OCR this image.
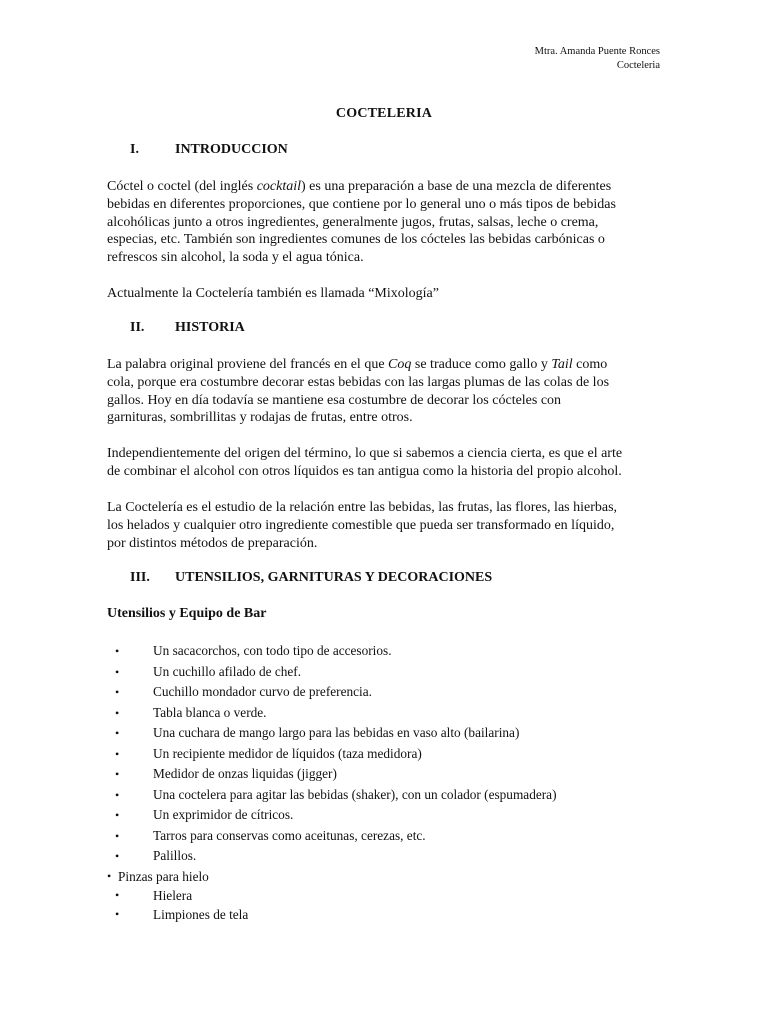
Mtra. Amanda Puente Ronces
Cocteleria
COCTELERIA
I.	INTRODUCCION
Cóctel o coctel (del inglés cocktail) es una preparación a base de una mezcla de diferentes
bebidas en diferentes proporciones, que contiene por lo general uno o más tipos de bebidas
alcohólicas junto a otros ingredientes, generalmente jugos, frutas, salsas, leche o crema,
especias, etc. También son ingredientes comunes de los cócteles las bebidas carbónicas o
refrescos sin alcohol, la soda y el agua tónica.
Actualmente la Coctelería también es llamada “Mixología”
II. HISTORIA
La palabra original proviene del francés en el que Coq se traduce como gallo y Tail como
cola, porque era costumbre decorar estas bebidas con las largas plumas de las colas de los
gallos. Hoy en día todavía se mantiene esa costumbre de decorar los cócteles con
garnituras, sombrillitas y rodajas de frutas, entre otros.
Independientemente del origen del término, lo que si sabemos a ciencia cierta, es que el arte
de combinar el alcohol con otros líquidos es tan antigua como la historia del propio alcohol.
La Coctelería es el estudio de la relación entre las bebidas, las frutas, las flores, las hierbas,
los helados y cualquier otro ingrediente comestible que pueda ser transformado en líquido,
por distintos métodos de preparación.
III. UTENSILIOS, GARNITURAS Y DECORACIONES
Utensilios y Equipo de Bar
•	Un sacacorchos, con todo tipo de accesorios.
•	Un cuchillo afilado de chef.
•	Cuchillo mondador curvo de preferencia.
•	Tabla blanca o verde.
•	Una cuchara de mango largo para las bebidas en vaso alto (bailarina)
•	Un recipiente medidor de líquidos (taza medidora)
•	Medidor de onzas liquidas (jigger)
•	Una coctelera para agitar las bebidas (shaker), con un colador (espumadera)
•	Un exprimidor de cítricos.
•	Tarros para conservas como aceitunas, cerezas, etc.
•	Palillos.
• Pinzas para hielo
•	Hielera
•	Limpiones de tela
